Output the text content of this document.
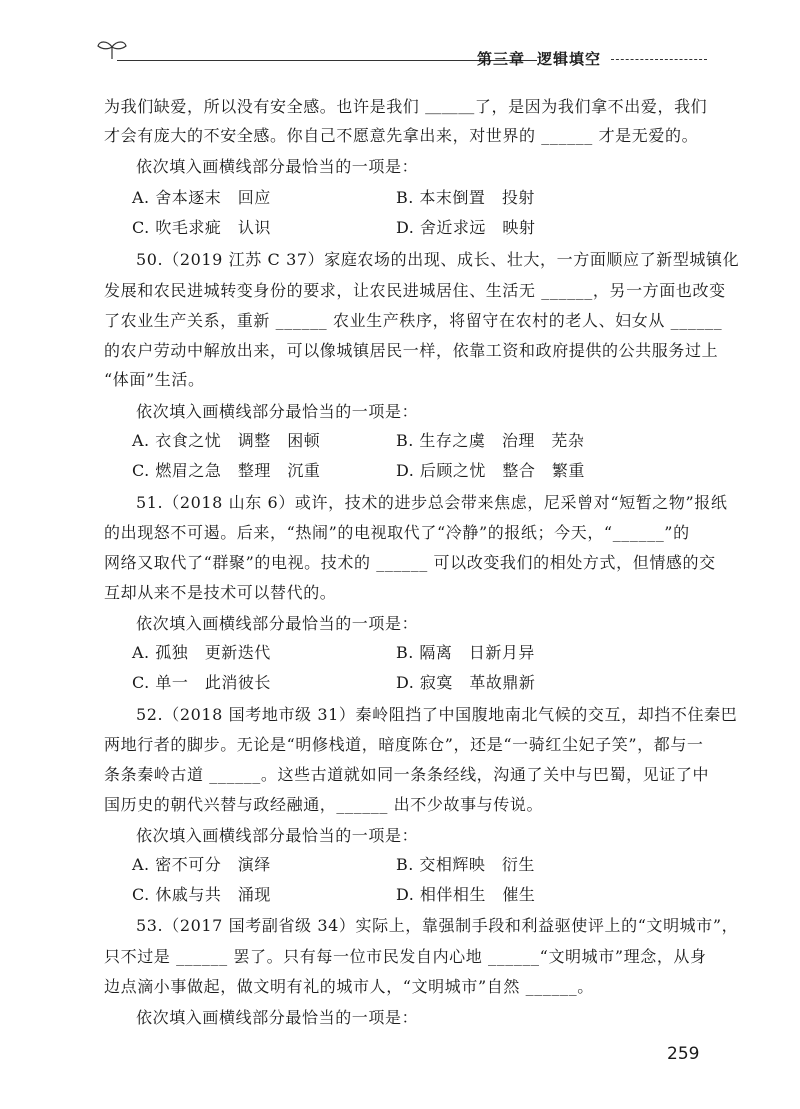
第三章 逻辑填空
为我们缺爱，所以没有安全感。也许是我们 ＿＿＿了，是因为我们拿不出爱，我们
才会有庞大的不安全感。你自己不愿意先拿出来，对世界的 ______ 才是无爱的。
依次填入画横线部分最恰当的一项是：
A. 舍本逐末　回应	B. 本末倒置　投射
C. 吹毛求疵　认识	D. 舍近求远　映射
50.（2019 江苏 C 37）家庭农场的出现、成长、壮大，一方面顺应了新型城镇化
发展和农民进城转变身份的要求，让农民进城居住、生活无 ______，另一方面也改变
了农业生产关系，重新 ______ 农业生产秩序，将留守在农村的老人、妇女从 ______
的农户劳动中解放出来，可以像城镇居民一样，依靠工资和政府提供的公共服务过上
“体面”生活。
依次填入画横线部分最恰当的一项是：
A. 衣食之忧　调整　困顿	B. 生存之虞　治理　芜杂
C. 燃眉之急　整理　沉重	D. 后顾之忧　整合　繁重
51.（2018 山东 6）或许，技术的进步总会带来焦虑，尼采曾对“短暂之物”报纸
的出现怒不可遏。后来，“热闹”的电视取代了“冷静”的报纸；今天，“______”的
网络又取代了“群聚”的电视。技术的 ______ 可以改变我们的相处方式，但情感的交
互却从来不是技术可以替代的。
依次填入画横线部分最恰当的一项是：
A. 孤独　更新迭代	B. 隔离　日新月异
C. 单一　此消彼长	D. 寂寞　革故鼎新
52.（2018 国考地市级 31）秦岭阻挡了中国腹地南北气候的交互，却挡不住秦巴
两地行者的脚步。无论是“明修栈道，暗度陈仓”，还是“一骑红尘妃子笑”，都与一
条条秦岭古道 ______。这些古道就如同一条条经线，沟通了关中与巴蜀，见证了中
国历史的朝代兴替与政经融通，______ 出不少故事与传说。
依次填入画横线部分最恰当的一项是：
A. 密不可分　演绎	B. 交相辉映　衍生
C. 休戚与共　涌现	D. 相伴相生　催生
53.（2017 国考副省级 34）实际上，靠强制手段和利益驱使评上的“文明城市”，
只不过是 ______ 罢了。只有每一位市民发自内心地 ______“文明城市”理念，从身
边点滴小事做起，做文明有礼的城市人，“文明城市”自然 ______。
依次填入画横线部分最恰当的一项是：
259
